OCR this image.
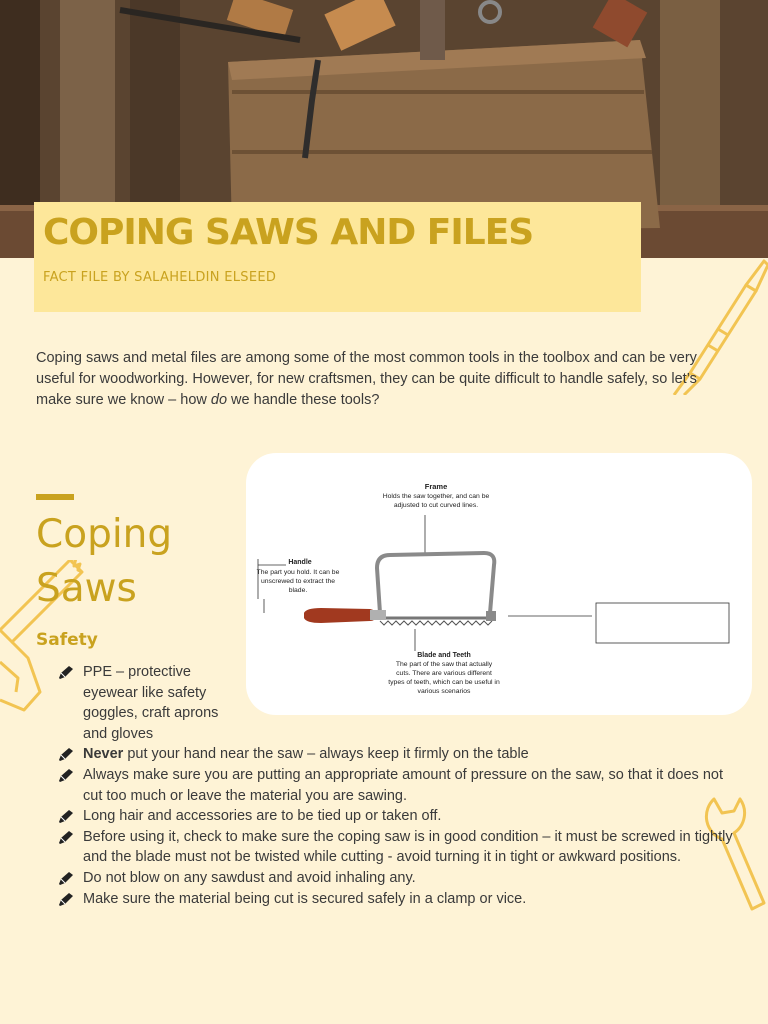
COPING SAWS AND FILES

FACT FILE BY SALAHELDIN ELSEED

Coping saws and metal files are among some of the most common tools in the toolbox and can be very useful for woodworking. However, for new craftsmen, they can be quite difficult to handle safely, so let’s make sure we know – how do we handle these tools?

Coping
Saws
Safety
Frame
Holds the saw together, and can be
adjusted to cut curved lines.
Handle
The part you hold. It can be
unscrewed to extract the
blade.
Blade and Teeth
The part of the saw that actually
cuts. There are various different
types of teeth, which can be useful in
various scenarios
PPE – protective eyewear like safety goggles, craft aprons and gloves
Never put your hand near the saw – always keep it firmly on the table
Always make sure you are putting an appropriate amount of pressure on the saw, so that it does not cut too much or leave the material you are sawing.
Long hair and accessories are to be tied up or taken off.
Before using it, check to make sure the coping saw is in good condition – it must be screwed in tightly and the blade must not be twisted while cutting - avoid turning it in tight or awkward positions.
Do not blow on any sawdust and avoid inhaling any.
Make sure the material being cut is secured safely in a clamp or vice.
